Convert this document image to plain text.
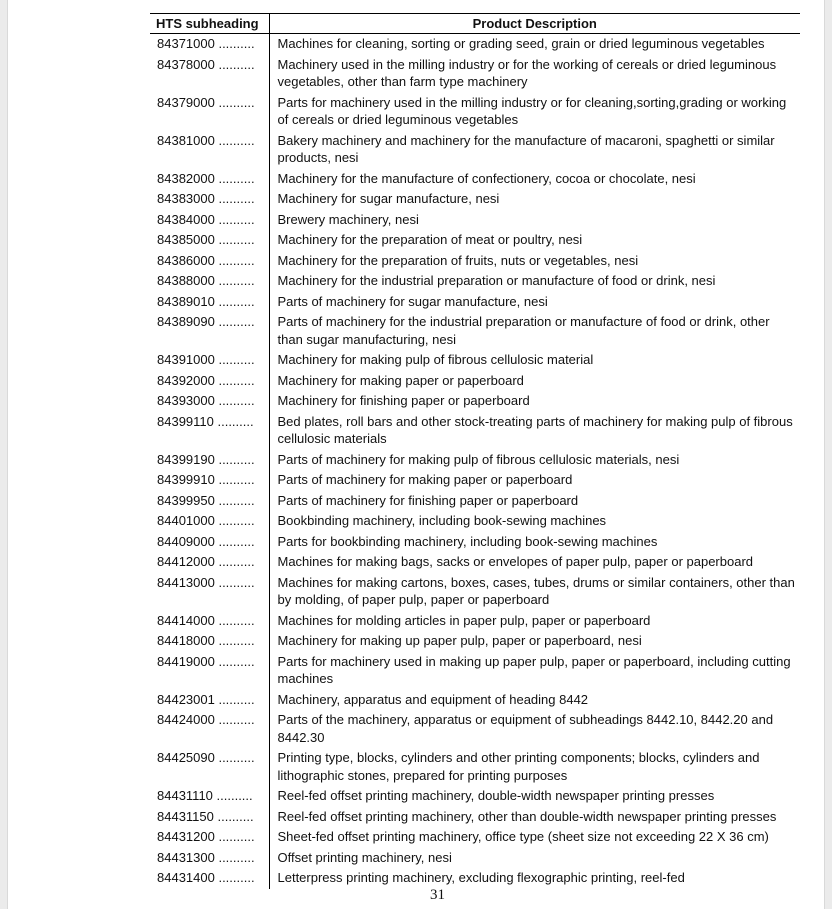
HTS subheading	Product Description
84371000 ..........	Machines for cleaning, sorting or grading seed, grain or dried leguminous vegetables
84378000 ..........	Machinery used in the milling industry or for the working of cereals or dried leguminous vegetables, other than farm type machinery
84379000 ..........	Parts for machinery used in the milling industry or for cleaning,sorting,grading or working of cereals or dried leguminous vegetables
84381000 ..........	Bakery machinery and machinery for the manufacture of macaroni, spaghetti or similar products, nesi
84382000 ..........	Machinery for the manufacture of confectionery, cocoa or chocolate, nesi
84383000 ..........	Machinery for sugar manufacture, nesi
84384000 ..........	Brewery machinery, nesi
84385000 ..........	Machinery for the preparation of meat or poultry, nesi
84386000 ..........	Machinery for the preparation of fruits, nuts or vegetables, nesi
84388000 ..........	Machinery for the industrial preparation or manufacture of food or drink, nesi
84389010 ..........	Parts of machinery for sugar manufacture, nesi
84389090 ..........	Parts of machinery for the industrial preparation or manufacture of food or drink, other than sugar manufacturing, nesi
84391000 ..........	Machinery for making pulp of fibrous cellulosic material
84392000 ..........	Machinery for making paper or paperboard
84393000 ..........	Machinery for finishing paper or paperboard
84399110 ..........	Bed plates, roll bars and other stock-treating parts of machinery for making pulp of fibrous cellulosic materials
84399190 ..........	Parts of machinery for making pulp of fibrous cellulosic materials, nesi
84399910 ..........	Parts of machinery for making paper or paperboard
84399950 ..........	Parts of machinery for finishing paper or paperboard
84401000 ..........	Bookbinding machinery, including book-sewing machines
84409000 ..........	Parts for bookbinding machinery, including book-sewing machines
84412000 ..........	Machines for making bags, sacks or envelopes of paper pulp, paper or paperboard
84413000 ..........	Machines for making cartons, boxes, cases, tubes, drums or similar containers, other than by molding, of paper pulp, paper or paperboard
84414000 ..........	Machines for molding articles in paper pulp, paper or paperboard
84418000 ..........	Machinery for making up paper pulp, paper or paperboard, nesi
84419000 ..........	Parts for machinery used in making up paper pulp, paper or paperboard, including cutting machines
84423001 ..........	Machinery, apparatus and equipment of heading 8442
84424000 ..........	Parts of the machinery, apparatus or equipment of subheadings 8442.10, 8442.20 and 8442.30
84425090 ..........	Printing type, blocks, cylinders and other printing components; blocks, cylinders and lithographic stones, prepared for printing purposes
84431110 ..........	Reel-fed offset printing machinery, double-width newspaper printing presses
84431150 ..........	Reel-fed offset printing machinery, other than double-width newspaper printing presses
84431200 ..........	Sheet-fed offset printing machinery, office type (sheet size not exceeding 22 X 36 cm)
84431300 ..........	Offset printing machinery, nesi
84431400 ..........	Letterpress printing machinery, excluding flexographic printing, reel-fed
31
